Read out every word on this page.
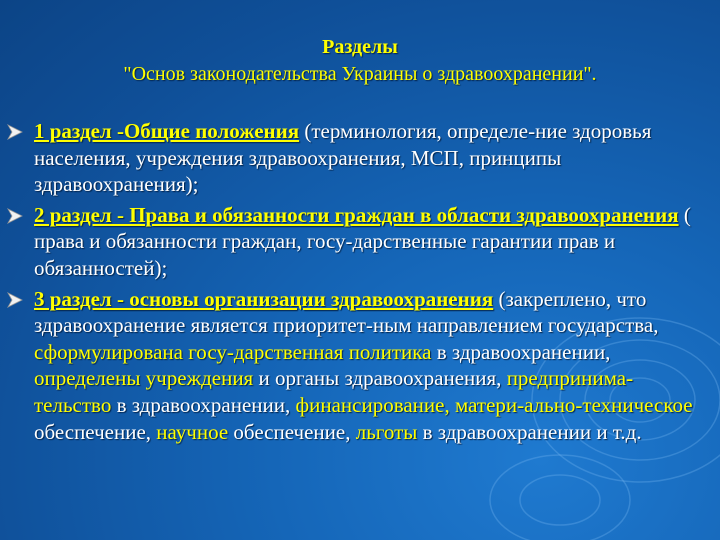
Разделы
"Основ законодательства Украины о здравоохранении".
1 раздел -Общие положения (терминология, определе-ние здоровья населения, учреждения здравоохранения, МСП, принципы здравоохранения);
2 раздел - Права и обязанности граждан в области здравоохранения ( права и обязанности граждан, госу-дарственные гарантии прав и обязанностей);
3 раздел - основы организации здравоохранения (закреплено, что здравоохранение является приоритет-ным направлением государства, сформулирована госу-дарственная политика в здравоохранении, определены учреждения и органы здравоохранения, предпринима-тельство в здравоохранении, финансирование, матери-ально-техническое обеспечение, научное обеспечение, льготы в здравоохранении и т.д.
